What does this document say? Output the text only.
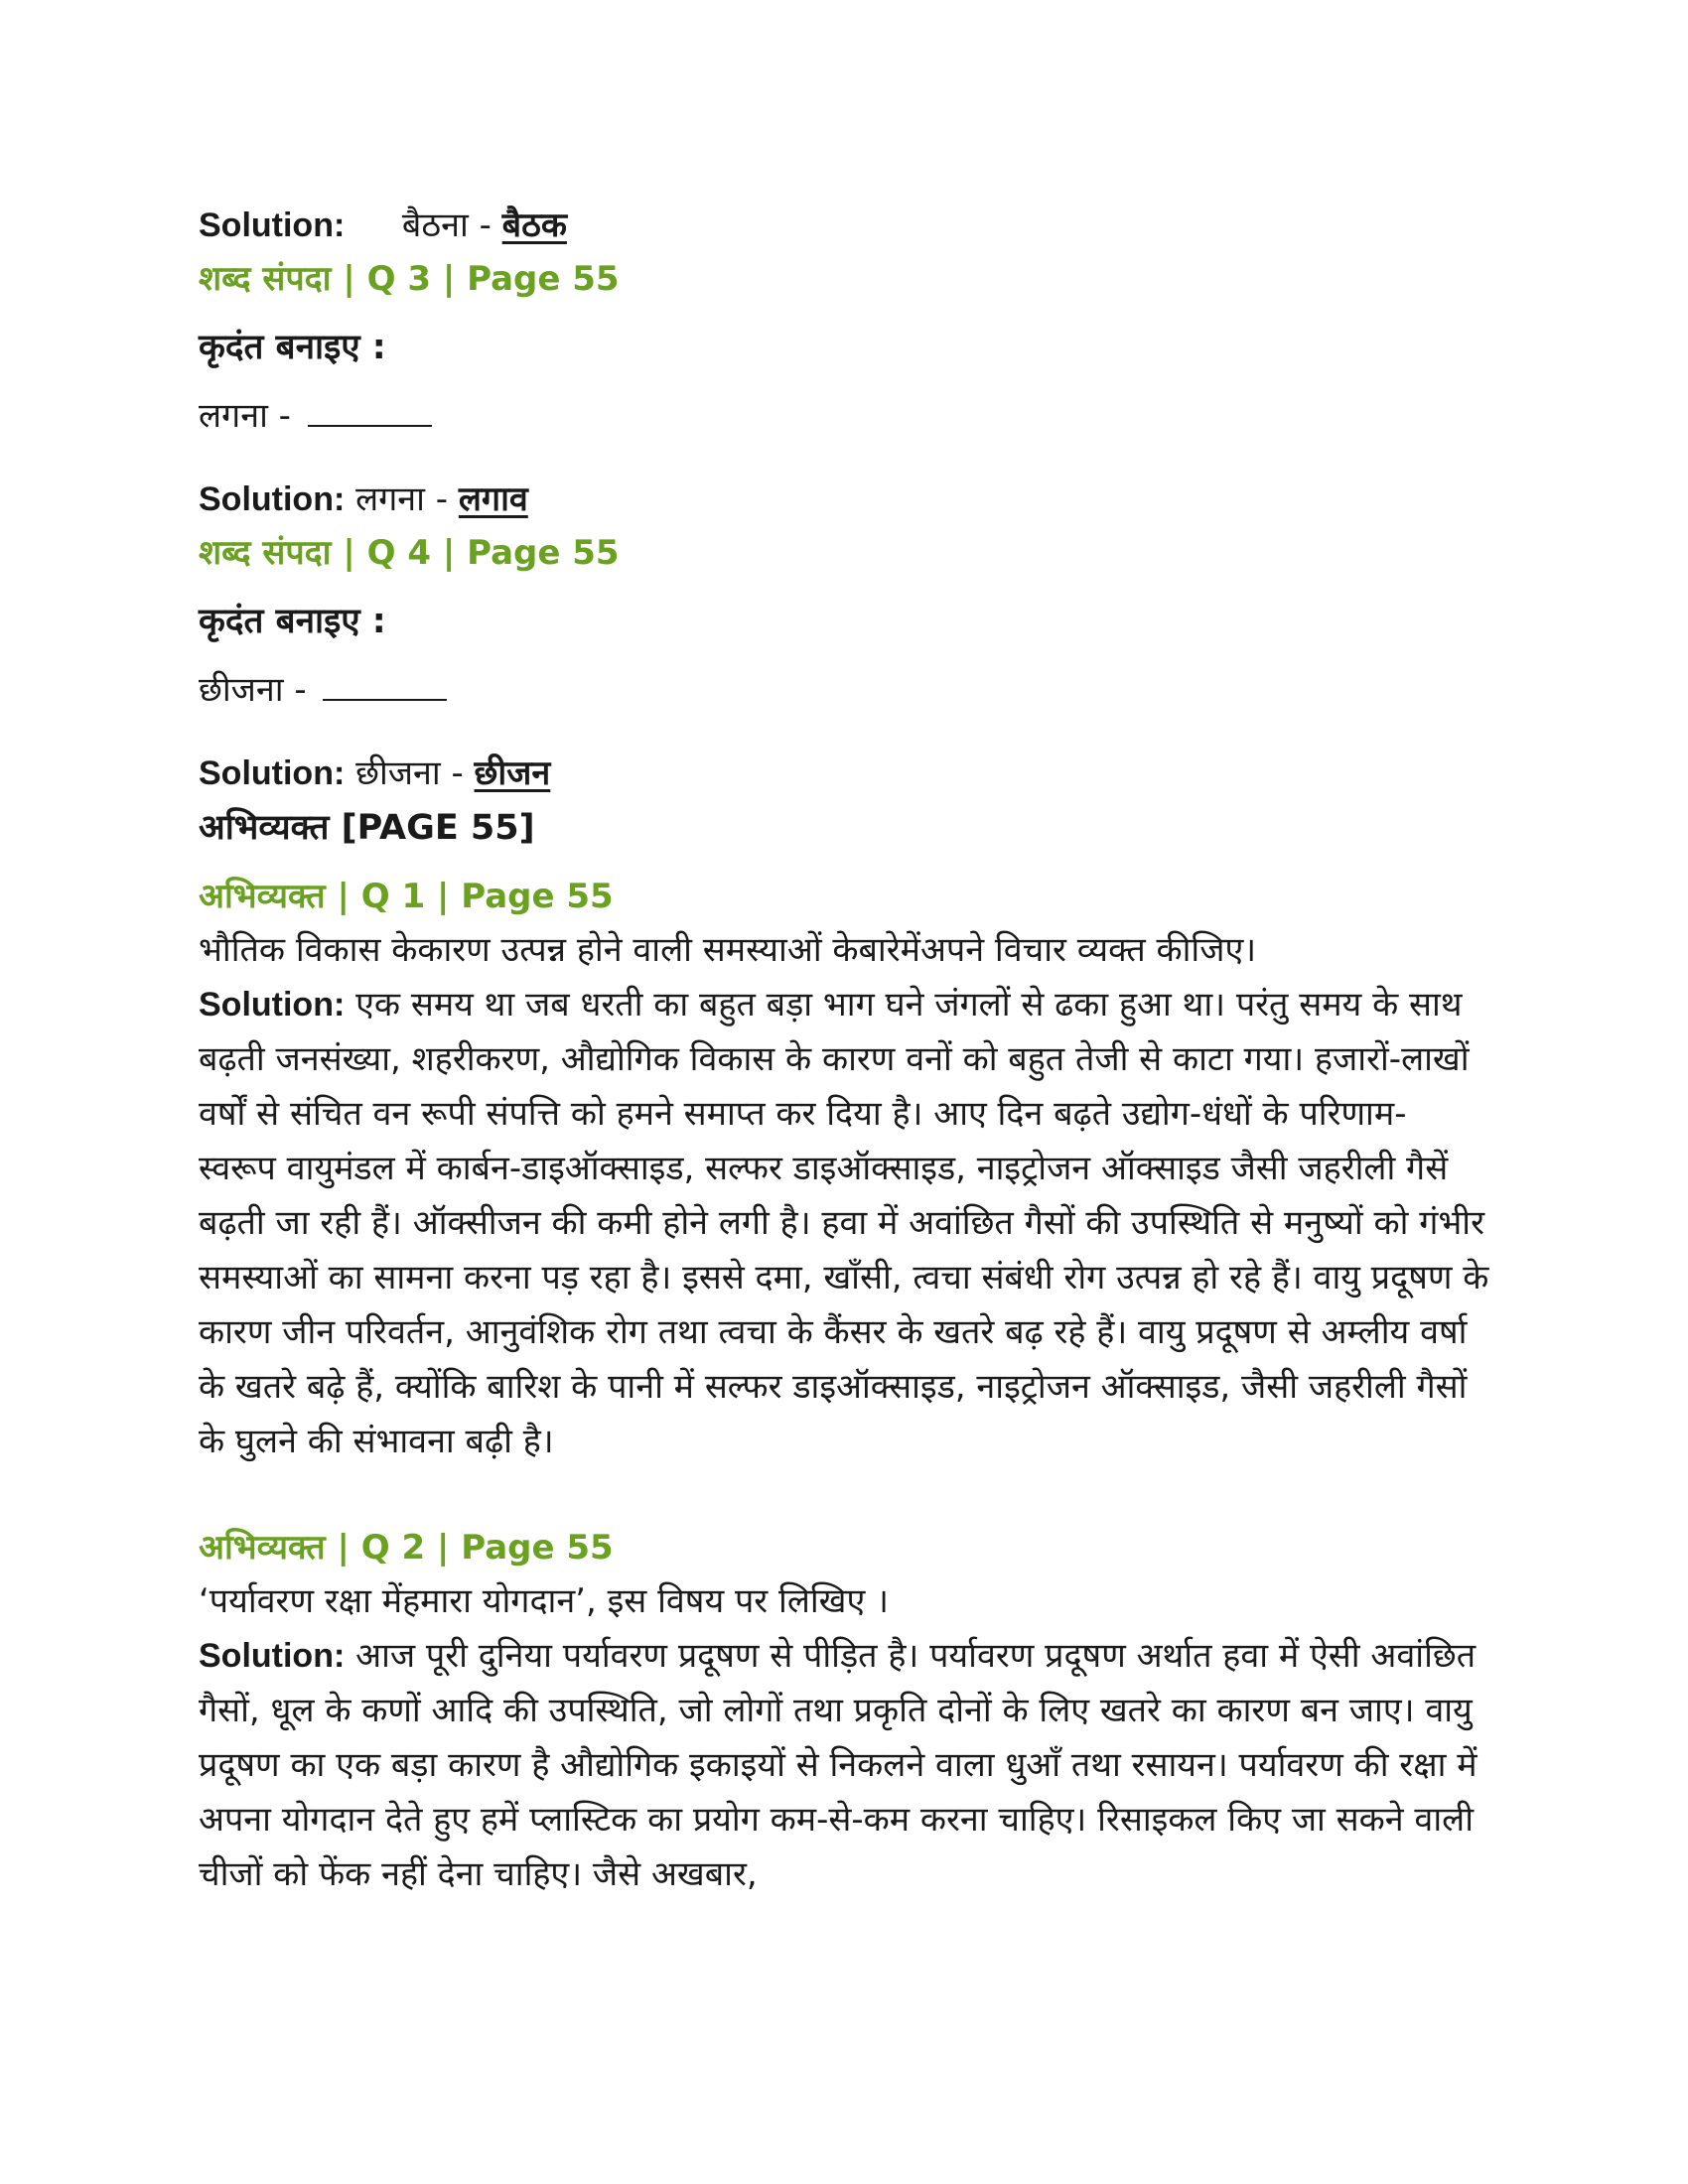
Solution: बैठना - बैठक
शब्द संपदा | Q 3 | Page 55
कृदंत बनाइए :
लगना -
Solution: लगना - लगाव
शब्द संपदा | Q 4 | Page 55
कृदंत बनाइए :
छीजना -
Solution: छीजना - छीजन
अभिव्यक्त [PAGE 55]
अभिव्यक्त | Q 1 | Page 55
भौतिक विकास केकारण उत्पन्न होने वाली समस्याओं केबारेमेंअपने विचार व्यक्त कीजिए।
Solution: एक समय था जब धरती का बहुत बड़ा भाग घने जंगलों से ढका हुआ था। परंतु समय के साथ बढ़ती जनसंख्या, शहरीकरण, औद्योगिक विकास के कारण वनों को बहुत तेजी से काटा गया। हजारों-लाखों वर्षों से संचित वन रूपी संपत्ति को हमने समाप्त कर दिया है। आए दिन बढ़ते उद्योग-धंधों के परिणाम- स्वरूप वायुमंडल में कार्बन-डाइऑक्साइड, सल्फर डाइऑक्साइड, नाइट्रोजन ऑक्साइड जैसी जहरीली गैसें बढ़ती जा रही हैं। ऑक्सीजन की कमी होने लगी है। हवा में अवांछित गैसों की उपस्थिति से मनुष्यों को गंभीर समस्याओं का सामना करना पड़ रहा है। इससे दमा, खाँसी, त्वचा संबंधी रोग उत्पन्न हो रहे हैं। वायु प्रदूषण के कारण जीन परिवर्तन, आनुवंशिक रोग तथा त्वचा के कैंसर के खतरे बढ़ रहे हैं। वायु प्रदूषण से अम्लीय वर्षा के खतरे बढ़े हैं, क्योंकि बारिश के पानी में सल्फर डाइऑक्साइड, नाइट्रोजन ऑक्साइड, जैसी जहरीली गैसों के घुलने की संभावना बढ़ी है।
अभिव्यक्त | Q 2 | Page 55
‘पर्यावरण रक्षा मेंहमारा योगदान’, इस विषय पर लिखिए ।
Solution: आज पूरी दुनिया पर्यावरण प्रदूषण से पीड़ित है। पर्यावरण प्रदूषण अर्थात हवा में ऐसी अवांछित गैसों, धूल के कणों आदि की उपस्थिति, जो लोगों तथा प्रकृति दोनों के लिए खतरे का कारण बन जाए। वायु प्रदूषण का एक बड़ा कारण है औद्योगिक इकाइयों से निकलने वाला धुआँ तथा रसायन। पर्यावरण की रक्षा में अपना योगदान देते हुए हमें प्लास्टिक का प्रयोग कम-से-कम करना चाहिए। रिसाइकल किए जा सकने वाली चीजों को फेंक नहीं देना चाहिए। जैसे अखबार,
